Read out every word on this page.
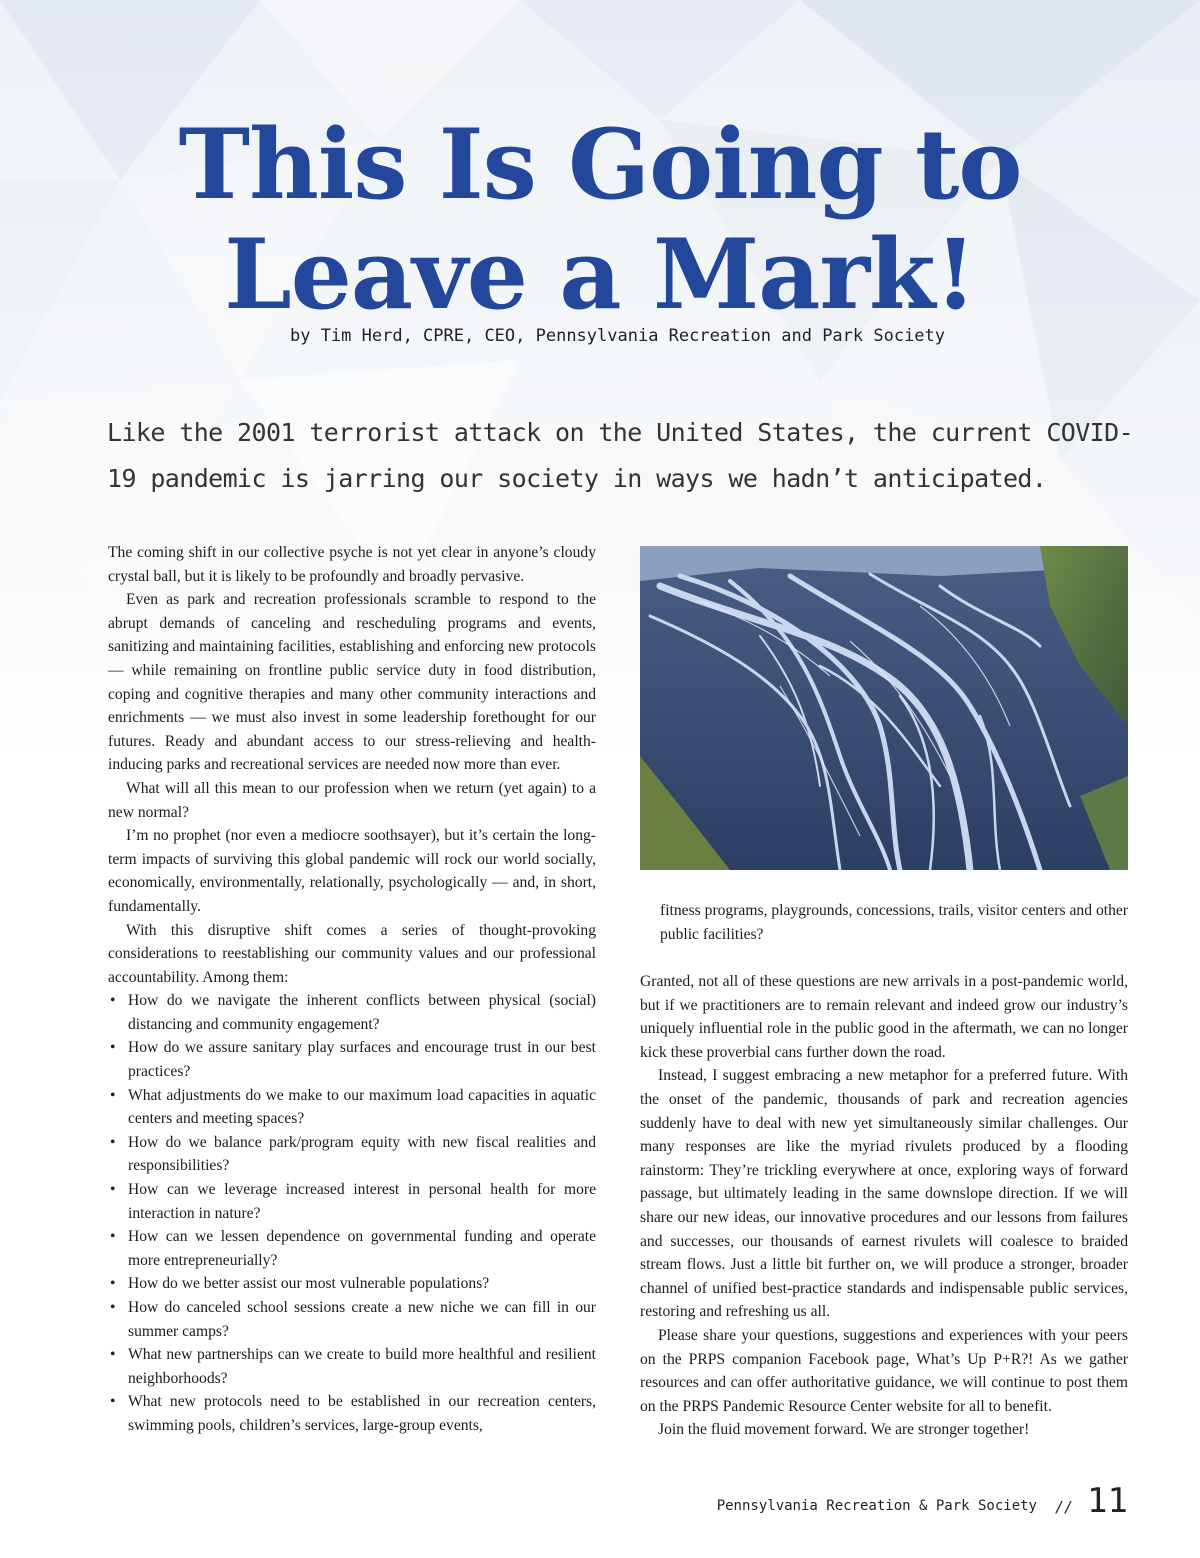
This Is Going to
Leave a Mark!
by Tim Herd, CPRE, CEO, Pennsylvania Recreation and Park Society
Like the 2001 terrorist attack on the United States, the current COVID-19 pandemic is jarring our society in ways we hadn’t anticipated.

The coming shift in our collective psyche is not yet clear in anyone’s cloudy crystal ball, but it is likely to be profoundly and broadly pervasive.

Even as park and recreation professionals scramble to respond to the abrupt demands of canceling and rescheduling programs and events, sanitizing and maintaining facilities, establishing and enforcing new protocols — while remaining on frontline public service duty in food distribution, coping and cognitive therapies and many other community interactions and enrichments — we must also invest in some leadership forethought for our futures. Ready and abundant access to our stress-relieving and health-inducing parks and recreational services are needed now more than ever.

What will all this mean to our profession when we return (yet again) to a new normal?

I’m no prophet (nor even a mediocre soothsayer), but it’s certain the long-term impacts of surviving this global pandemic will rock our world socially, economically, environmentally, relationally, psychologically — and, in short, fundamentally.

With this disruptive shift comes a series of thought-provoking considerations to reestablishing our community values and our professional accountability. Among them:

• How do we navigate the inherent conflicts between physical (social) distancing and community engagement?
• How do we assure sanitary play surfaces and encourage trust in our best practices?
• What adjustments do we make to our maximum load capacities in aquatic centers and meeting spaces?
• How do we balance park/program equity with new fiscal realities and responsibilities?
• How can we leverage increased interest in personal health for more interaction in nature?
• How can we lessen dependence on governmental funding and operate more entrepreneurially?
• How do we better assist our most vulnerable populations?
• How do canceled school sessions create a new niche we can fill in our summer camps?
• What new partnerships can we create to build more healthful and resilient neighborhoods?
• What new protocols need to be established in our recreation centers, swimming pools, children’s services, large-group events,
fitness programs, playgrounds, concessions, trails, visitor centers and other public facilities?

Granted, not all of these questions are new arrivals in a post-pandemic world, but if we practitioners are to remain relevant and indeed grow our industry’s uniquely influential role in the public good in the aftermath, we can no longer kick these proverbial cans further down the road.

Instead, I suggest embracing a new metaphor for a preferred future. With the onset of the pandemic, thousands of park and recreation agencies suddenly have to deal with new yet simultaneously similar challenges. Our many responses are like the myriad rivulets produced by a flooding rainstorm: They’re trickling everywhere at once, exploring ways of forward passage, but ultimately leading in the same downslope direction. If we will share our new ideas, our innovative procedures and our lessons from failures and successes, our thousands of earnest rivulets will coalesce to braided stream flows. Just a little bit further on, we will produce a stronger, broader channel of unified best-practice standards and indispensable public services, restoring and refreshing us all.

Please share your questions, suggestions and experiences with your peers on the PRPS companion Facebook page, What’s Up P+R?! As we gather resources and can offer authoritative guidance, we will continue to post them on the PRPS Pandemic Resource Center website for all to benefit.

Join the fluid movement forward. We are stronger together!

Pennsylvania Recreation & Park Society // 11
